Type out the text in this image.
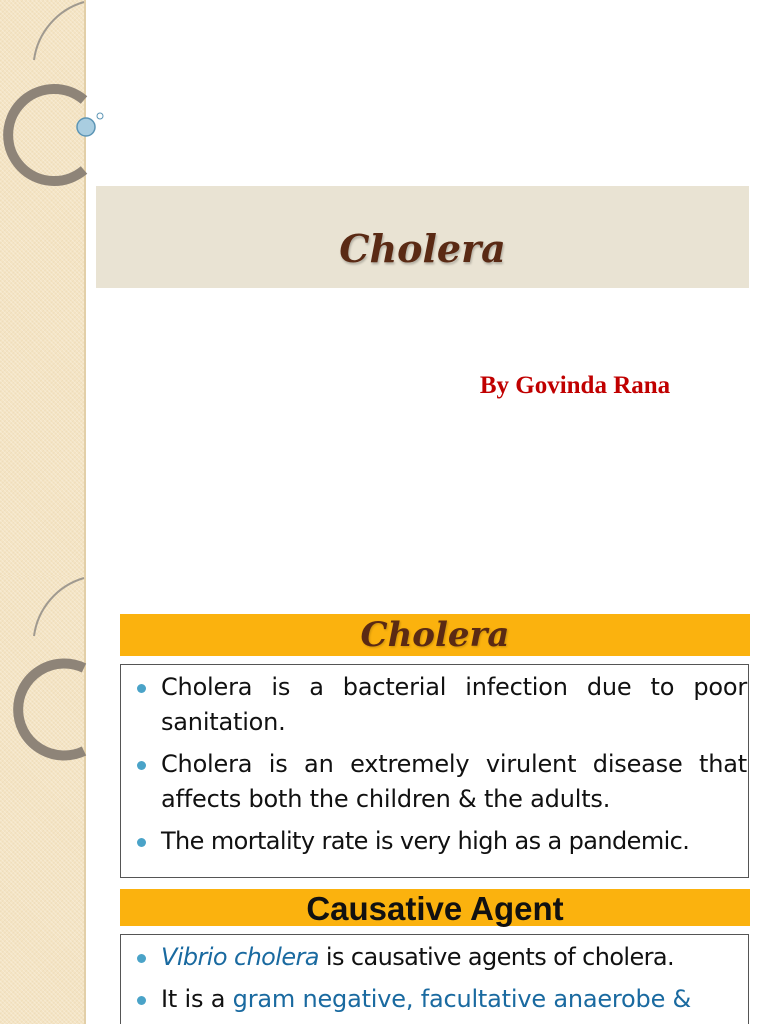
Cholera
By Govinda Rana
Cholera
Cholera is a bacterial infection due to poor sanitation.
Cholera is an extremely virulent disease that affects both the children & the adults.
The mortality rate is very high as a pandemic.
Causative Agent
Vibrio cholera is causative agents of cholera.
It is a gram negative, facultative anaerobe &
